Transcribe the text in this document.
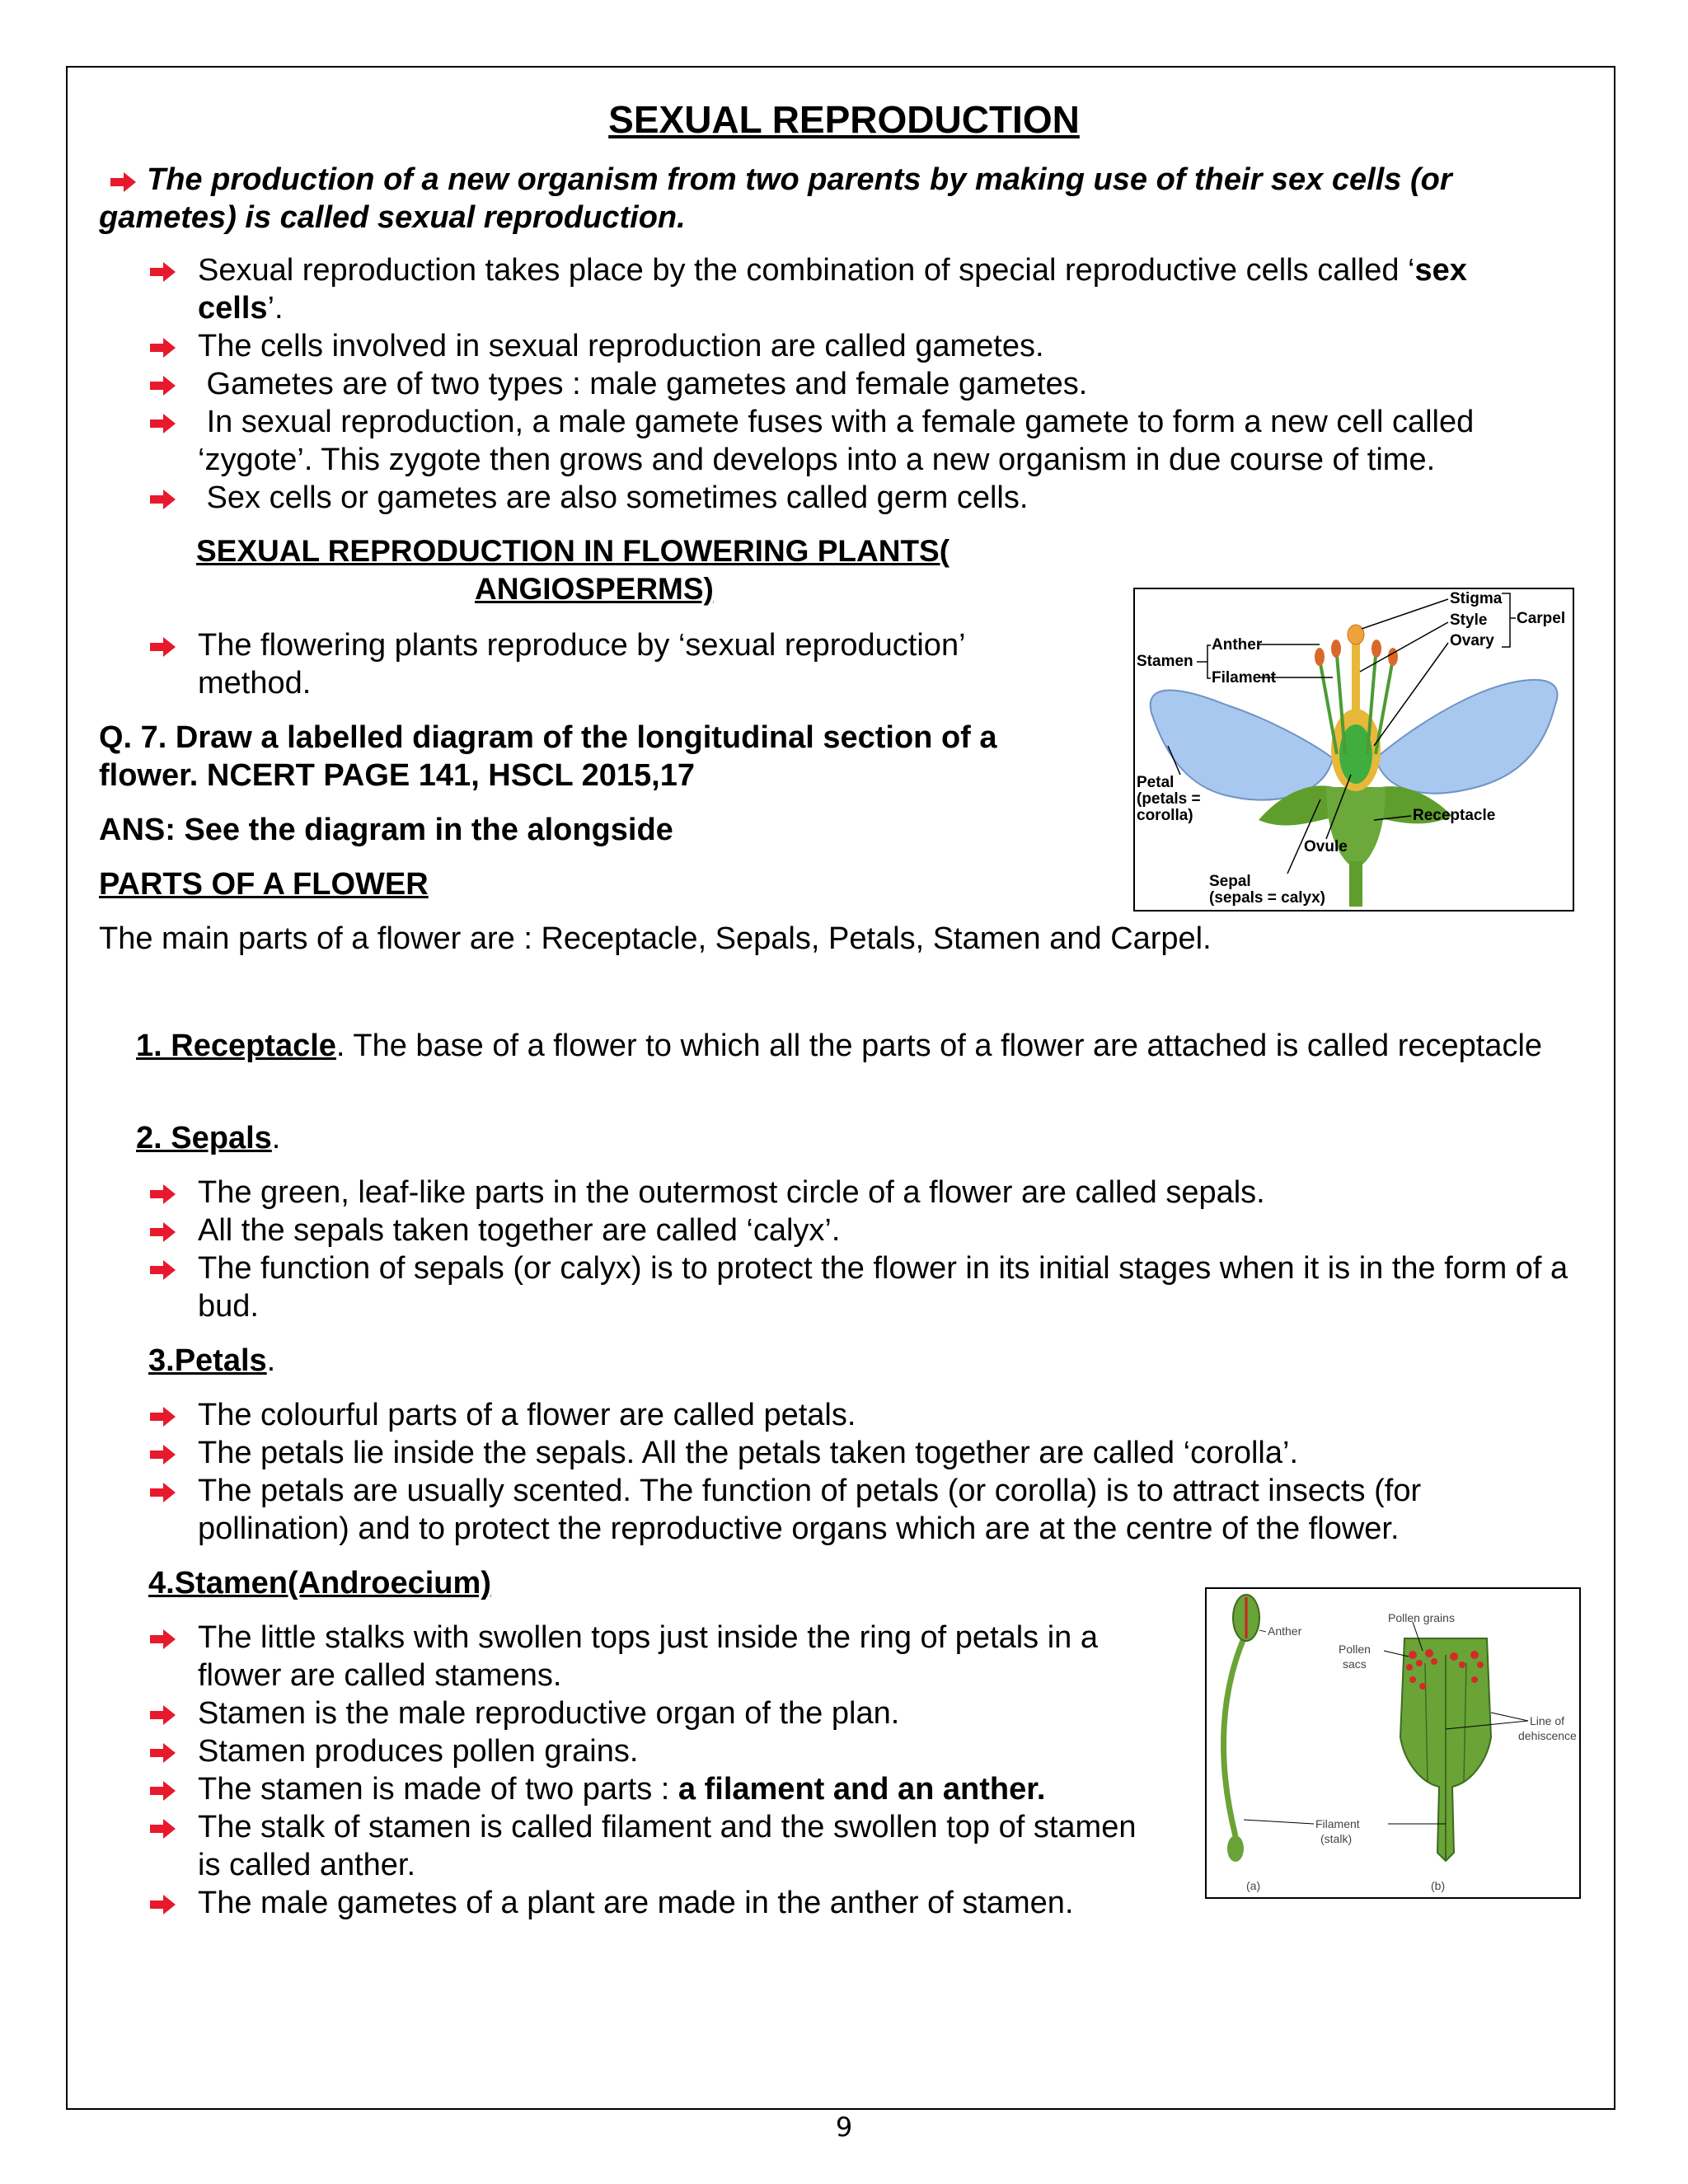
SEXUAL REPRODUCTION
The production of a new organism from two parents by making use of their sex cells (or gametes) is called sexual reproduction.
Sexual reproduction takes place by the combination of special reproductive cells called ‘sex cells’.
The cells involved in sexual reproduction are called gametes.
Gametes are of two types : male gametes and female gametes.
In sexual reproduction, a male gamete fuses with a female gamete to form a new cell called ‘zygote’. This zygote then grows and develops into a new organism in due course of time.
Sex cells or gametes are also sometimes called germ cells.
SEXUAL REPRODUCTION IN FLOWERING PLANTS(
ANGIOSPERMS)
The flowering plants reproduce by ‘sexual reproduction’ method.
Q. 7. Draw a labelled diagram of the longitudinal section of a flower. NCERT PAGE 141, HSCL 2015,17
ANS: See the diagram in the alongside
PARTS OF A FLOWER
The main parts of a flower are : Receptacle, Sepals, Petals, Stamen and Carpel.
Stigma
Style
Ovary
Carpel
Anther
Stamen
Filament
Petal
(petals =
corolla)	Receptacle
Ovule
Sepal
(sepals = calyx)
1. Receptacle. The base of a flower to which all the parts of a flower are attached is called receptacle
2. Sepals.
The green, leaf-like parts in the outermost circle of a flower are called sepals.
All the sepals taken together are called ‘calyx’.
The function of sepals (or calyx) is to protect the flower in its initial stages when it is in the form of a bud.
3.Petals.
The colourful parts of a flower are called petals.
The petals lie inside the sepals. All the petals taken together are called ‘corolla’.
The petals are usually scented. The function of petals (or corolla) is to attract insects (for pollination) and to protect the reproductive organs which are at the centre of the flower.
4.Stamen(Androecium)
The little stalks with swollen tops just inside the ring of petals in a flower are called stamens.
Stamen is the male reproductive organ of the plan.
Stamen produces pollen grains.
The stamen is made of two parts : a filament and an anther.
The stalk of stamen is called filament and the swollen top of stamen is called anther.
The male gametes of a plant are made in the anther of stamen.
Anther
Pollen grains
Pollen
sacs
Line of
dehiscence
Filament
(stalk)
(a)	(b)
9
